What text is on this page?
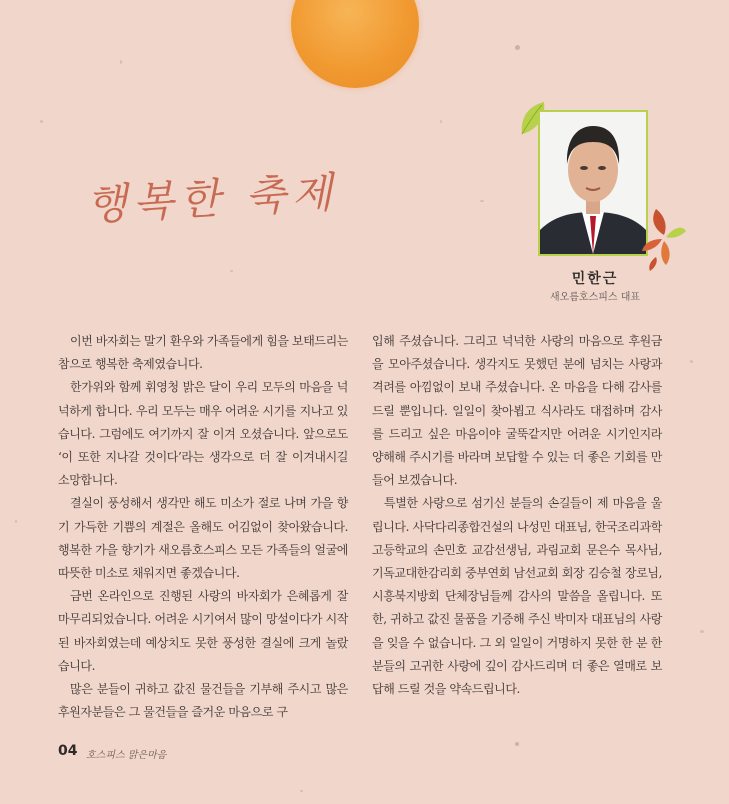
행복한 축제
민한근
새오름호스피스 대표

이번 바자회는 말기 환우와 가족들에게 힘을 보태드리는 참으로 행복한 축제였습니다.

한가위와 함께 휘영청 밝은 달이 우리 모두의 마음을 넉넉하게 합니다. 우리 모두는 매우 어려운 시기를 지나고 있습니다. 그럼에도 여기까지 잘 이겨 오셨습니다. 앞으로도 ‘이 또한 지나갈 것이다’라는 생각으로 더 잘 이겨내시길 소망합니다.

결실이 풍성해서 생각만 해도 미소가 절로 나며 가을 향기 가득한 기쁨의 계절은 올해도 어김없이 찾아왔습니다. 행복한 가을 향기가 새오름호스피스 모든 가족들의 얼굴에 따뜻한 미소로 채워지면 좋겠습니다.

금번 온라인으로 진행된 사랑의 바자회가 은혜롭게 잘 마무리되었습니다. 어려운 시기여서 많이 망설이다가 시작된 바자회였는데 예상치도 못한 풍성한 결실에 크게 놀랐습니다.

많은 분들이 귀하고 값진 물건들을 기부해 주시고 많은 후원자분들은 그 물건들을 즐거운 마음으로 구

입해 주셨습니다. 그리고 넉넉한 사랑의 마음으로 후원금을 모아주셨습니다. 생각지도 못했던 분에 넘치는 사랑과 격려를 아낌없이 보내 주셨습니다. 온 마음을 다해 감사를 드릴 뿐입니다. 일일이 찾아뵙고 식사라도 대접하며 감사를 드리고 싶은 마음이야 굴뚝같지만 어려운 시기인지라 양해해 주시기를 바라며 보답할 수 있는 더 좋은 기회를 만들어 보겠습니다.

특별한 사랑으로 섬기신 분들의 손길들이 제 마음을 울립니다. 사닥다리종합건설의 나성민 대표님, 한국조리과학고등학교의 손민호 교감선생님, 과림교회 문은수 목사님, 기독교대한감리회 중부연회 남선교회 회장 김승철 장로님, 시흥북지방회 단체장님들께 감사의 말씀을 올립니다. 또한, 귀하고 값진 물품을 기증해 주신 박미자 대표님의 사랑을 잊을 수 없습니다. 그 외 일일이 거명하지 못한 한 분 한 분들의 고귀한 사랑에 깊이 감사드리며 더 좋은 열매로 보답해 드릴 것을 약속드립니다.

04 호스피스 맑은마음
